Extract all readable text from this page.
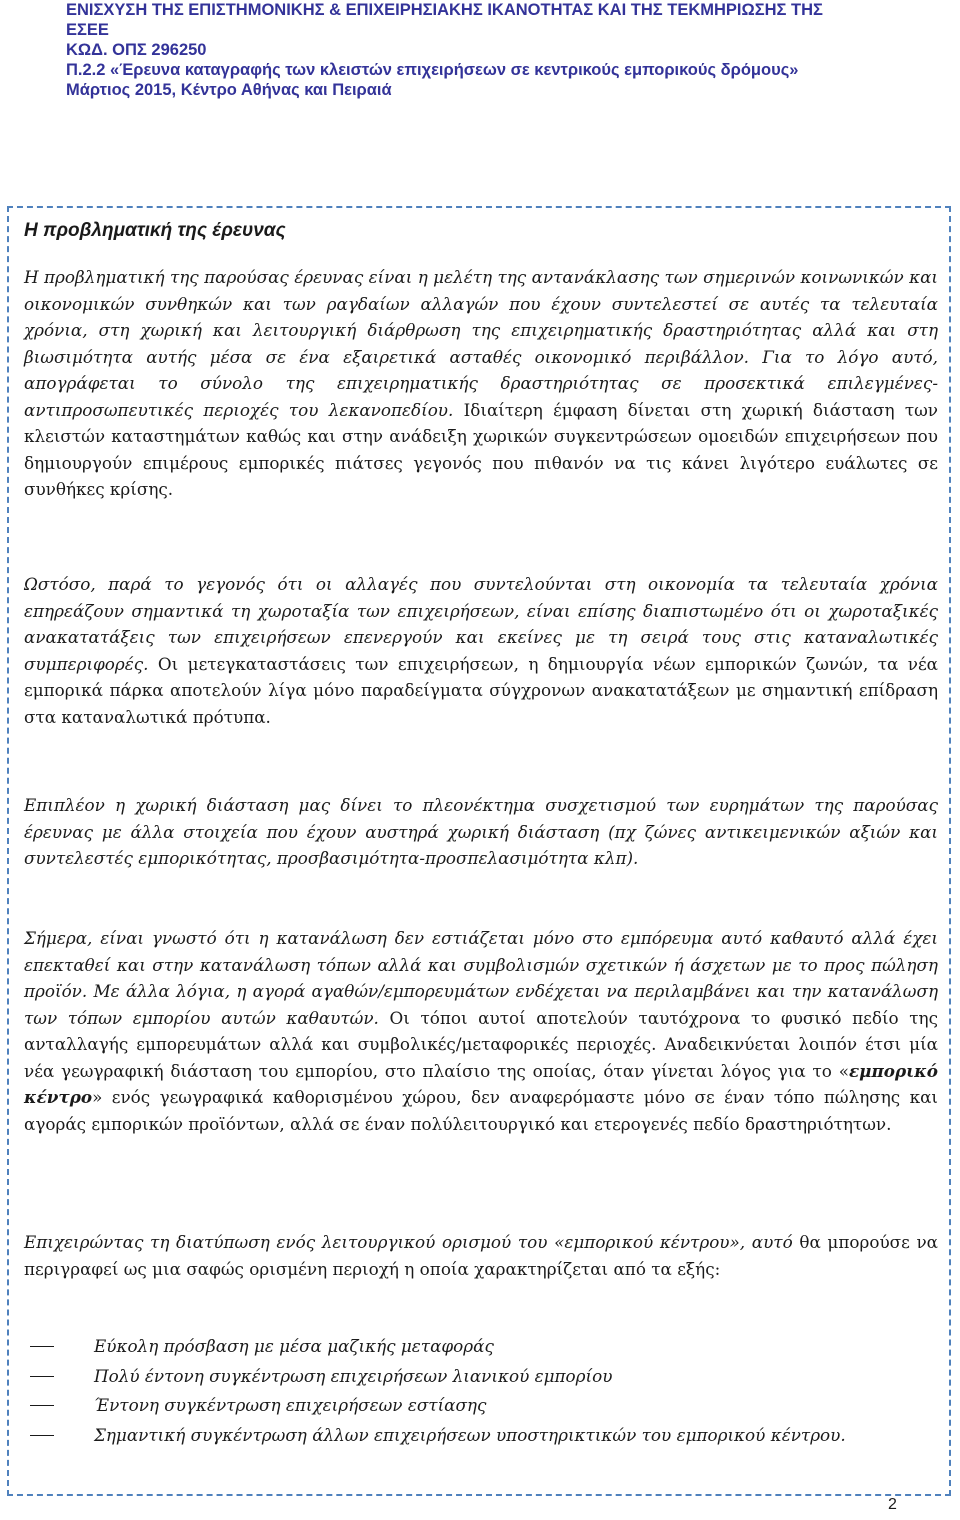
ΕΝΙΣΧΥΣΗ ΤΗΣ ΕΠΙΣΤΗΜΟΝΙΚΗΣ & ΕΠΙΧΕΙΡΗΣΙΑΚΗΣ ΙΚΑΝΟΤΗΤΑΣ ΚΑΙ ΤΗΣ ΤΕΚΜΗΡΙΩΣΗΣ ΤΗΣ
ΕΣΕΕ
ΚΩΔ. ΟΠΣ 296250
Π.2.2 «Έρευνα καταγραφής των κλειστών επιχειρήσεων σε κεντρικούς εμπορικούς δρόμους»
Μάρτιος 2015, Κέντρο Αθήνας και Πειραιά
Η προβληματική της έρευνας

Η προβληματική της παρούσας έρευνας είναι η μελέτη της αντανάκλασης των σημερινών κοινωνικών και οικονομικών συνθηκών και των ραγδαίων αλλαγών που έχουν συντελεστεί σε αυτές τα τελευταία χρόνια, στη χωρική και λειτουργική διάρθρωση της επιχειρηματικής δραστηριότητας αλλά και στη βιωσιμότητα αυτής μέσα σε ένα εξαιρετικά ασταθές οικονομικό περιβάλλον. Για το λόγο αυτό, απογράφεται το σύνολο της επιχειρηματικής δραστηριότητας σε προσεκτικά επιλεγμένες-αντιπροσωπευτικές περιοχές του λεκανοπεδίου. Ιδιαίτερη έμφαση δίνεται στη χωρική διάσταση των κλειστών καταστημάτων καθώς και στην ανάδειξη χωρικών συγκεντρώσεων ομοειδών επιχειρήσεων που δημιουργούν επιμέρους εμπορικές πιάτσες γεγονός που πιθανόν να τις κάνει λιγότερο ευάλωτες σε συνθήκες κρίσης.

Ωστόσο, παρά το γεγονός ότι οι αλλαγές που συντελούνται στη οικονομία τα τελευταία χρόνια επηρεάζουν σημαντικά τη χωροταξία των επιχειρήσεων, είναι επίσης διαπιστωμένο ότι οι χωροταξικές ανακατατάξεις των επιχειρήσεων επενεργούν και εκείνες με τη σειρά τους στις καταναλωτικές συμπεριφορές. Οι μετεγκαταστάσεις των επιχειρήσεων, η δημιουργία νέων εμπορικών ζωνών, τα νέα εμπορικά πάρκα αποτελούν λίγα μόνο παραδείγματα σύγχρονων ανακατατάξεων με σημαντική επίδραση στα καταναλωτικά πρότυπα.

Επιπλέον η χωρική διάσταση μας δίνει το πλεονέκτημα συσχετισμού των ευρημάτων της παρούσας έρευνας με άλλα στοιχεία που έχουν αυστηρά χωρική διάσταση (πχ ζώνες αντικειμενικών αξιών και συντελεστές εμπορικότητας, προσβασιμότητα-προσπελασιμότητα κλπ).

Σήμερα, είναι γνωστό ότι η κατανάλωση δεν εστιάζεται μόνο στο εμπόρευμα αυτό καθαυτό αλλά έχει επεκταθεί και στην κατανάλωση τόπων αλλά και συμβολισμών σχετικών ή άσχετων με το προς πώληση προϊόν. Με άλλα λόγια, η αγορά αγαθών/εμπορευμάτων ενδέχεται να περιλαμβάνει και την κατανάλωση των τόπων εμπορίου αυτών καθαυτών. Οι τόποι αυτοί αποτελούν ταυτόχρονα το φυσικό πεδίο της ανταλλαγής εμπορευμάτων αλλά και συμβολικές/μεταφορικές περιοχές. Αναδεικνύεται λοιπόν έτσι μία νέα γεωγραφική διάσταση του εμπορίου, στο πλαίσιο της οποίας, όταν γίνεται λόγος για το «εμπορικό κέντρο» ενός γεωγραφικά καθορισμένου χώρου, δεν αναφερόμαστε μόνο σε έναν τόπο πώλησης και αγοράς εμπορικών προϊόντων, αλλά σε έναν πολύλειτουργικό και ετερογενές πεδίο δραστηριότητων.

Επιχειρώντας τη διατύπωση ενός λειτουργικού ορισμού του «εμπορικού κέντρου», αυτό θα μπορούσε να περιγραφεί ως μια σαφώς ορισμένη περιοχή η οποία χαρακτηρίζεται από τα εξής:

Εύκολη πρόσβαση με μέσα μαζικής μεταφοράς
Πολύ έντονη συγκέντρωση επιχειρήσεων λιανικού εμπορίου
Έντονη συγκέντρωση επιχειρήσεων εστίασης
Σημαντική συγκέντρωση άλλων επιχειρήσεων υποστηρικτικών του εμπορικού κέντρου.
2
